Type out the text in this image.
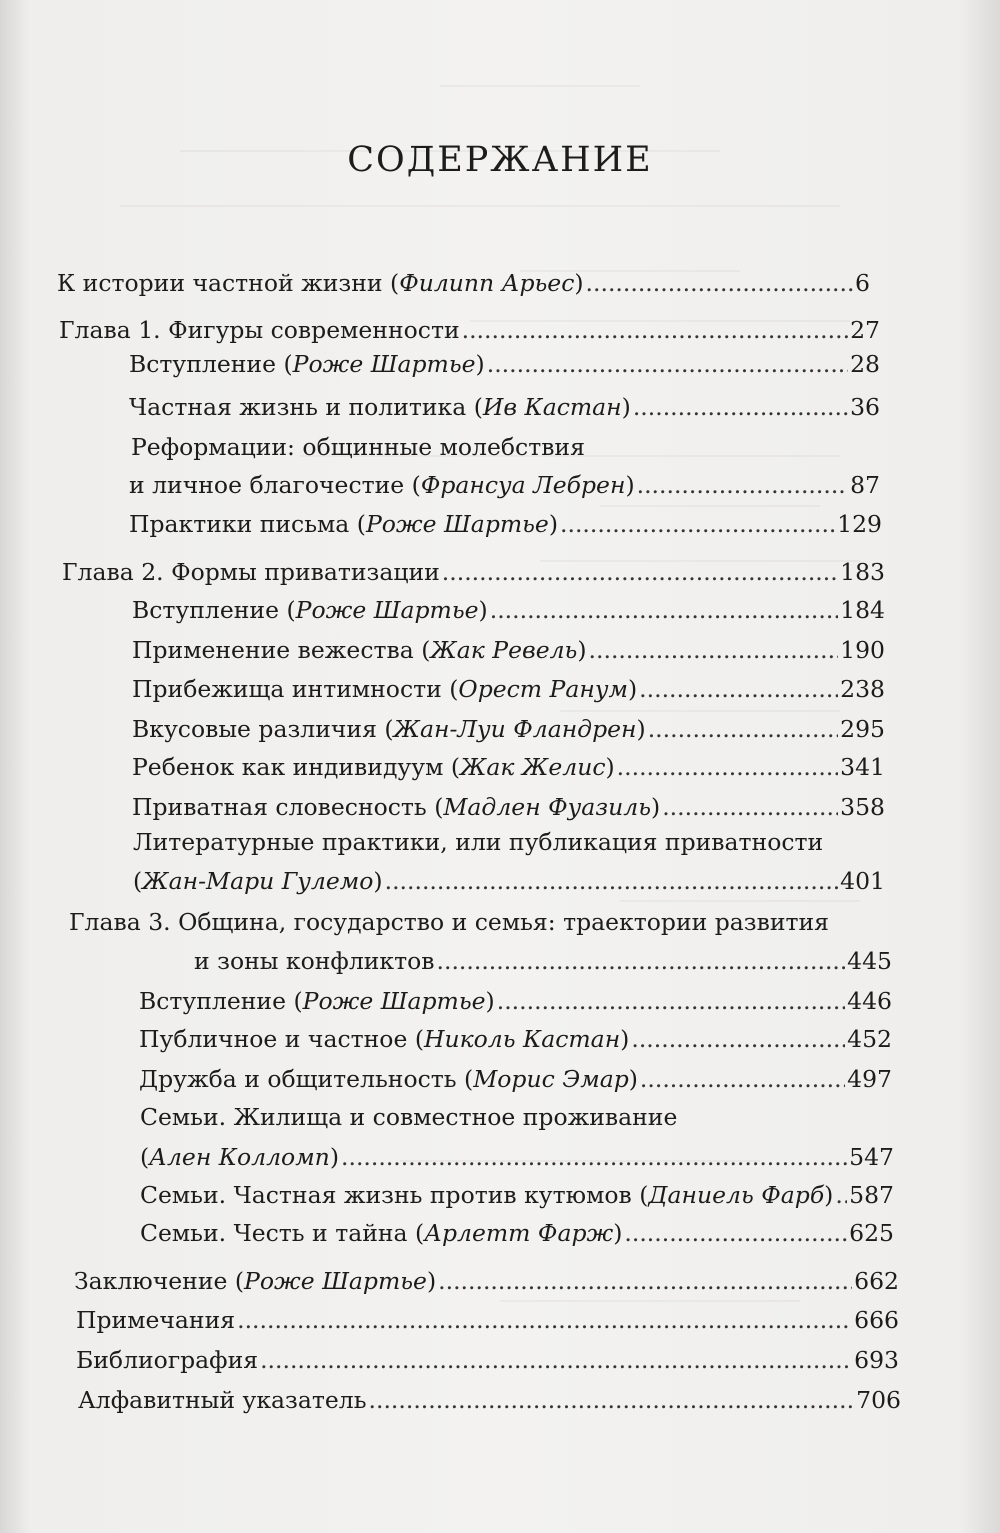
СОДЕРЖАНИЕ
К истории частной жизни (Филипп Арьес) .....	6
Глава 1. Фигуры современности .....	27
Вступление (Роже Шартье) .....	28
Частная жизнь и политика (Ив Кастан) .....	36
Реформации: общинные молебствия
и личное благочестие (Франсуа Лебрен) .....	87
Практики письма (Роже Шартье) .....	129
Глава 2. Формы приватизации .....	183
Вступление (Роже Шартье) .....	184
Применение вежества (Жак Ревель) .....	190
Прибежища интимности (Орест Ранум) .....	238
Вкусовые различия (Жан-Луи Фландрен) .....	295
Ребенок как индивидуум (Жак Желис) .....	341
Приватная словесность (Мадлен Фуазиль) .....	358
Литературные практики, или публикация приватности
(Жан-Мари Гулемо) .....	401
Глава 3. Община, государство и семья: траектории развития
и зоны конфликтов .....	445
Вступление (Роже Шартье) .....	446
Публичное и частное (Николь Кастан) .....	452
Дружба и общительность (Морис Эмар) .....	497
Семьи. Жилища и совместное проживание
(Ален Колломп) .....	547
Семьи. Частная жизнь против кутюмов (Даниель Фарб) ..... 587
Семьи. Честь и тайна (Арлетт Фарж) .....	625
Заключение (Роже Шартье) .....	662
Примечания .....	666
Библиография .....	693
Алфавитный указатель .....	706
